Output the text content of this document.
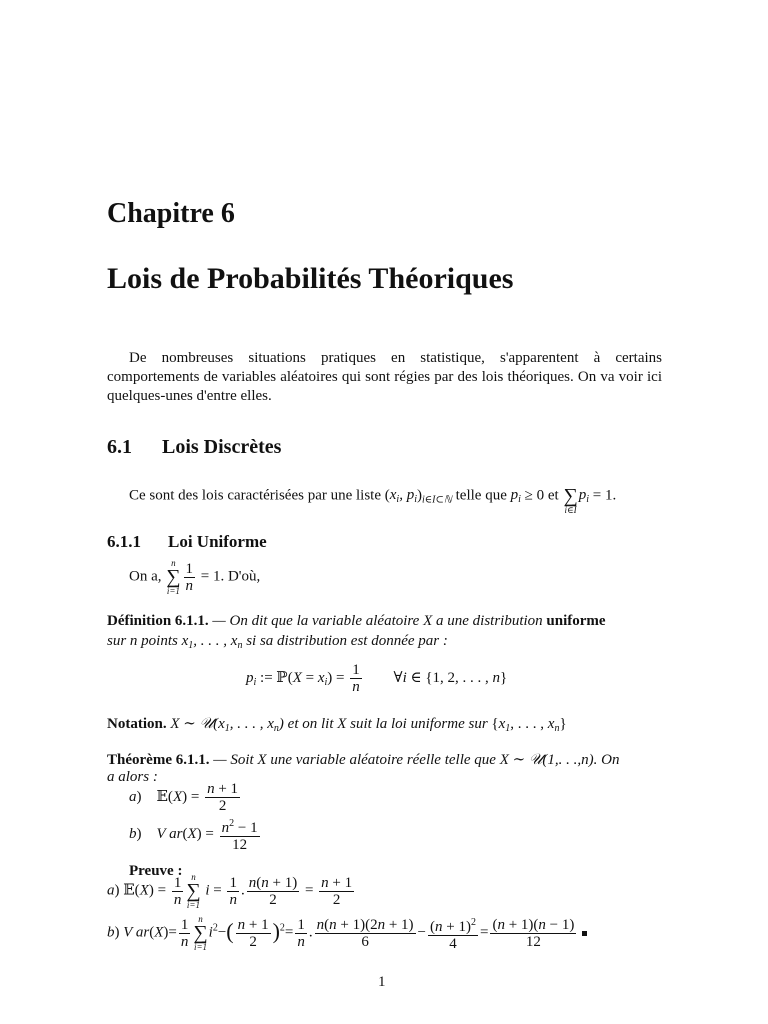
Chapitre 6
Lois de Probabilités Théoriques
De nombreuses situations pratiques en statistique, s'apparentent à certains comportements de variables aléatoires qui sont régies par des lois théoriques. On va voir ici quelques-unes d'entre elles.
6.1 Lois Discrètes
Ce sont des lois caractérisées par une liste ($x_i$, $p_i)_{i\in I\subset ℕ}$ telle que $p_i \ge 0$ et
∑
i∈I
$p_i = 1$.
6.1.1 Loi Uniforme
On a,
n
∑
$i=1 \frac{1}{n} = 1$. D'où,
Définition 6.1.1. — On dit que la variable aléatoire X a une distribution uniforme
sur n points $x_1$, . . . , $x_n$ si sa distribution est donnée par :
$p_i$ := ℙ(X = $x_i) = \frac{1}{n}$ ∀i ∈ {1, 2, . . . , n}
Notation. X ∼ $𝒰(x_1$, . . . , $x_n$) et on lit X suit la loi uniforme sur {$x_1$, . . . , $x_n$}
Théorème 6.1.1. — Soit X une variable aléatoire réelle telle que X ∼ 𝒰(1,. . .,n). On
a alors :
a)    𝔼(X) = $\frac{n + 1}{2}$
b)    V $ar(X) = \frac{n^2 - 1}{12}$
Preuve :
a) 𝔼(X) = $\frac{1}{n}$ n
∑
i=1
$i = \frac{1}{n}$ . $\frac{n(n + 1)}{2} = \frac{n + 1}{2}$
b) V $ar(X)= \frac{1}{n}$ n
∑
i=1
$i^2-( \frac{n + 1}{2} )^2= \frac{1}{n}$ . $\frac{n(n + 1)(2n + 1)}{6} - \frac{(n + 1)^2}{4} = \frac{(n + 1)(n - 1)}{12}$

1
